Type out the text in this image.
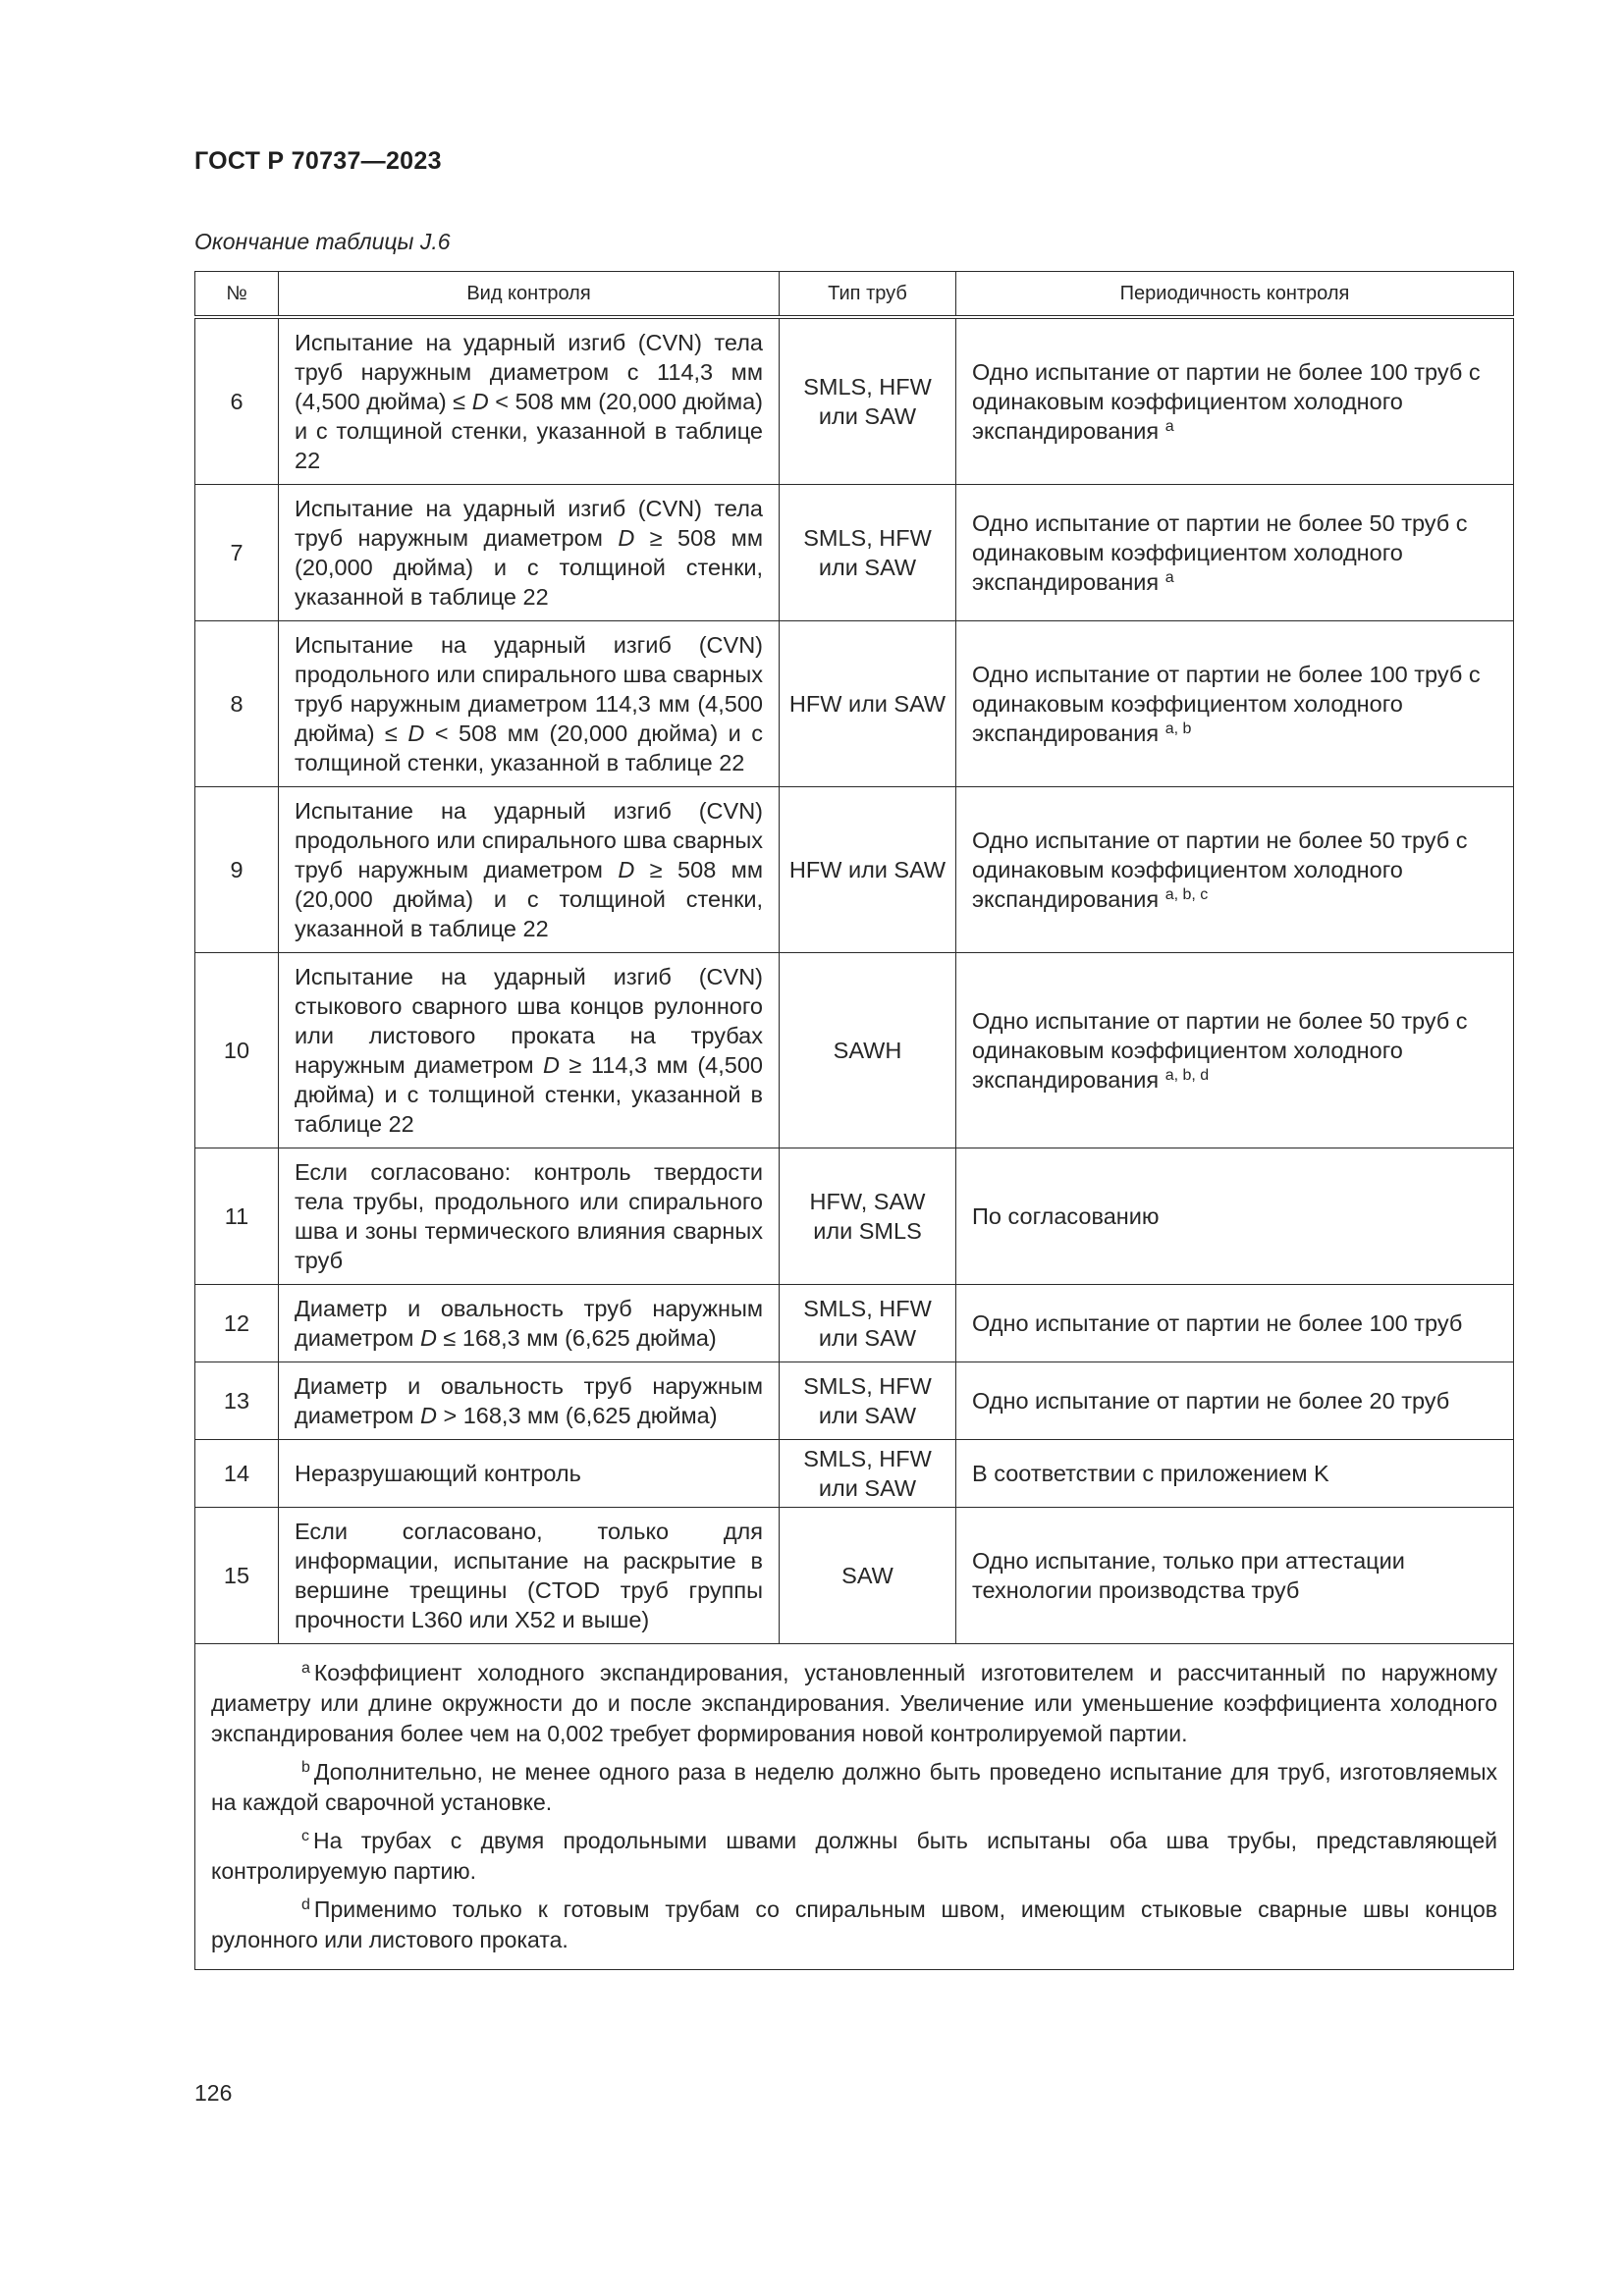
ГОСТ Р 70737—2023
Окончание таблицы J.6
№	Вид контроля	Тип труб	Периодичность контроля
6	Испытание на ударный изгиб (CVN) тела труб наружным диаметром с 114,3 мм (4,500 дюйма) ≤ D < 508 мм (20,000 дюйма) и с толщиной стенки, указанной в таблице 22	SMLS, HFW или SAW	Одно испытание от партии не более 100 труб с одинаковым коэффициентом холодного экспандирования $^a$
7	Испытание на ударный изгиб (CVN) тела труб наружным диаметром D ≥ 508 мм (20,000 дюйма) и с толщиной стенки, указанной в таблице 22	SMLS, HFW или SAW	Одно испытание от партии не более 50 труб с одинаковым коэффициентом холодного экспандирования $^a$
8	Испытание на ударный изгиб (CVN) продольного или спирального шва сварных труб наружным диаметром 114,3 мм (4,500 дюйма) ≤ D < 508 мм (20,000 дюйма) и с толщиной стенки, указанной в таблице 22	HFW или SAW	Одно испытание от партии не более 100 труб с одинаковым коэффициентом холодного экспандирования $^{a, b}$
9	Испытание на ударный изгиб (CVN) продольного или спирального шва сварных труб наружным диаметром D ≥ 508 мм (20,000 дюйма) и с толщиной стенки, указанной в таблице 22	HFW или SAW	Одно испытание от партии не более 50 труб с одинаковым коэффициентом холодного экспандирования $^{a, b, c}$
10	Испытание на ударный изгиб (CVN) стыкового сварного шва концов рулонного или листового проката на трубах наружным диаметром D ≥ 114,3 мм (4,500 дюйма) и с толщиной стенки, указанной в таблице 22	SAWH	Одно испытание от партии не более 50 труб с одинаковым коэффициентом холодного экспандирования $^{a, b, d}$
11	Если согласовано: контроль твердости тела трубы, продольного или спирального шва и зоны термического влияния сварных труб	HFW, SAW или SMLS	По согласованию
12	Диаметр и овальность труб наружным диаметром D ≤ 168,3 мм (6,625 дюйма)	SMLS, HFW или SAW	Одно испытание от партии не более 100 труб
13	Диаметр и овальность труб наружным диаметром D > 168,3 мм (6,625 дюйма)	SMLS, HFW или SAW	Одно испытание от партии не более 20 труб
14	Неразрушающий контроль	SMLS, HFW или SAW	В соответствии с приложением K
15	Если согласовано, только для информации, испытание на раскрытие в вершине трещины (CTOD труб группы прочности L360 или X52 и выше)	SAW	Одно испытание, только при аттестации технологии производства труб

$^a$ Коэффициент холодного экспандирования, установленный изготовителем и рассчитанный по наружному диаметру или длине окружности до и после экспандирования. Увеличение или уменьшение коэффициента холодного экспандирования более чем на 0,002 требует формирования новой контролируемой партии.
$^b$ Дополнительно, не менее одного раза в неделю должно быть проведено испытание для труб, изготовляемых на каждой сварочной установке.
$^c$ На трубах с двумя продольными швами должны быть испытаны оба шва трубы, представляющей контролируемую партию.
$^d$ Применимо только к готовым трубам со спиральным швом, имеющим стыковые сварные швы концов рулонного или листового проката.			
126
